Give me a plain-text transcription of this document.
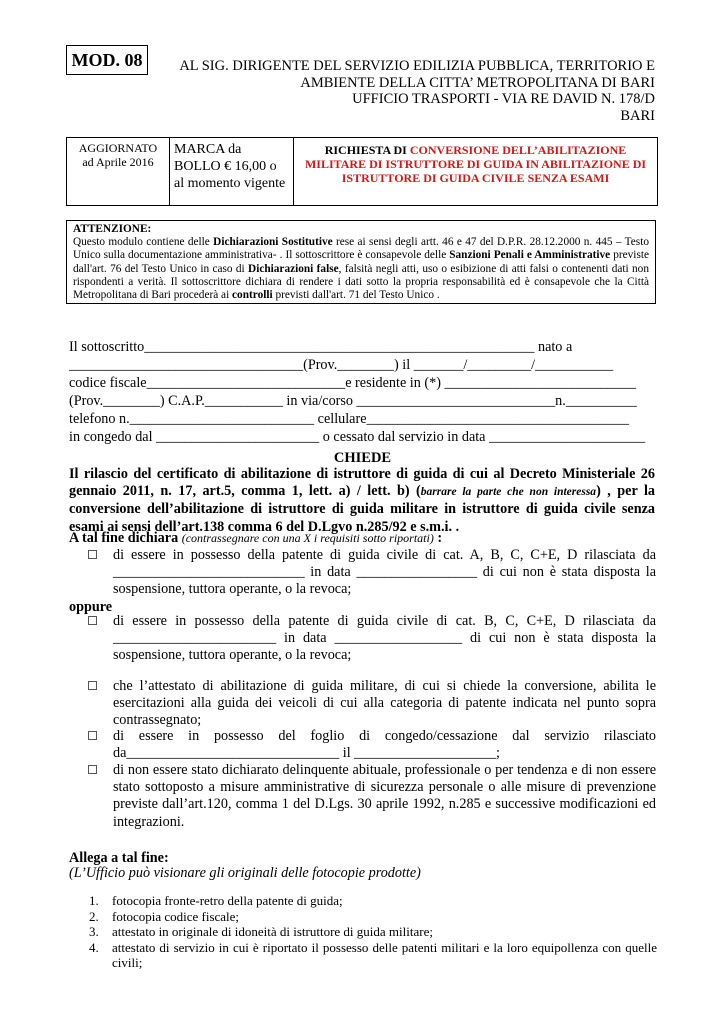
MOD. 08	AL SIG. DIRIGENTE DEL SERVIZIO EDILIZIA PUBBLICA, TERRITORIO E
AMBIENTE DELLA CITTA’ METROPOLITANA DI BARI
UFFICIO TRASPORTI - VIA RE DAVID N. 178/D
BARI
AGGIORNATO
ad Aprile 2016
MARCA da BOLLO € 16,00 o al momento vigente
RICHIESTA DI CONVERSIONE DELL’ABILITAZIONE MILITARE DI ISTRUTTORE DI GUIDA IN ABILITAZIONE DI ISTRUTTORE DI GUIDA CIVILE SENZA ESAMI
ATTENZIONE:
Questo modulo contiene delle Dichiarazioni Sostitutive rese ai sensi degli artt. 46 e 47 del D.P.R. 28.12.2000 n. 445 – Testo Unico sulla documentazione amministrativa- . Il sottoscrittore è consapevole delle Sanzioni Penali e Amministrative previste dall'art. 76 del Testo Unico in caso di Dichiarazioni false, falsità negli atti, uso o esibizione di atti falsi o contenenti dati non rispondenti a verità. Il sottoscrittore dichiara di rendere i dati sotto la propria responsabilità ed è consapevole che la Città Metropolitana di Bari procederà ai controlli previsti dall'art. 71 del Testo Unico .
Il sottoscritto_______________________________________________________ nato a
_________________________________(Prov.________) il _______/_________/___________
codice fiscale____________________________e residente in (*) ___________________________
(Prov.________) C.A.P.___________ in via/corso ____________________________n.__________
telefono n.__________________________ cellulare_____________________________________
in congedo dal _______________________ o cessato dal servizio in data ______________________
CHIEDE
Il rilascio del certificato di abilitazione di istruttore di guida di cui al Decreto Ministeriale 26 gennaio 2011, n. 17, art.5, comma 1, lett. a) / lett. b) (barrare la parte che non interessa) , per la conversione dell’abilitazione di istruttore di guida militare in istruttore di guida civile senza esami ai sensi dell’art.138 comma 6 del D.Lgvo n.285/92 e s.m.i. .
A tal fine dichiara (contrassegnare con una X i requisiti sotto riportati) :
di essere in possesso della patente di guida civile di cat. A, B, C, C+E, D rilasciata da ___________________________ in data _________________ di cui non è stata disposta la sospensione, tuttora operante, o la revoca;
oppure
di essere in possesso della patente di guida civile di cat. B, C, C+E, D rilasciata da _______________________ in data __________________ di cui non è stata disposta la sospensione, tuttora operante, o la revoca;
che l’attestato di abilitazione di guida militare, di cui si chiede la conversione, abilita le esercitazioni alla guida dei veicoli di cui alla categoria di patente indicata nel punto sopra contrassegnato;
di essere in possesso del foglio di congedo/cessazione dal servizio rilasciato da______________________________ il ____________________;
di non essere stato dichiarato delinquente abituale, professionale o per tendenza e di non essere stato sottoposto a misure amministrative di sicurezza personale o alle misure di prevenzione previste dall’art.120, comma 1 del D.Lgs. 30 aprile 1992, n.285 e successive modificazioni ed integrazioni.
Allega a tal fine:
(L’Ufficio può visionare gli originali delle fotocopie prodotte)
1. fotocopia fronte-retro della patente di guida;
2. fotocopia codice fiscale;
3. attestato in originale di idoneità di istruttore di guida militare;
4. attestato di servizio in cui è riportato il possesso delle patenti militari e la loro equipollenza con quelle civili;
